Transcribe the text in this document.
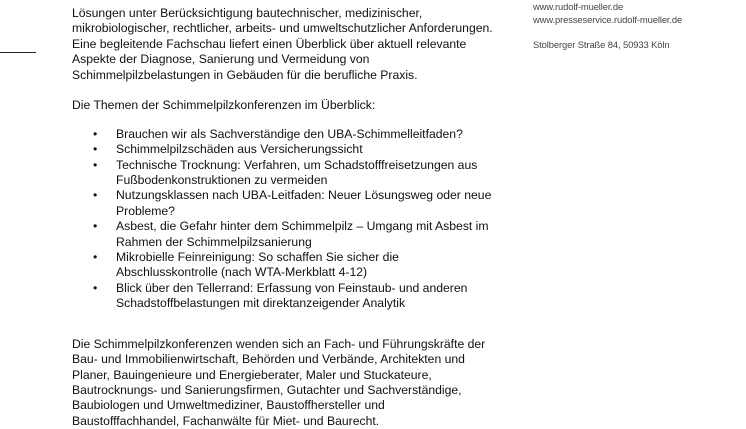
Lösungen unter Berücksichtigung bautechnischer, medizinischer,
mikrobiologischer, rechtlicher, arbeits- und umweltschutzlicher Anforderungen.
Eine begleitende Fachschau liefert einen Überblick über aktuell relevante
Aspekte der Diagnose, Sanierung und Vermeidung von
Schimmelpilzbelastungen in Gebäuden für die berufliche Praxis.

Die Themen der Schimmelpilzkonferenzen im Überblick:

• Brauchen wir als Sachverständige den UBA-Schimmelleitfaden?
• Schimmelpilzschäden aus Versicherungssicht
• Technische Trocknung: Verfahren, um Schadstofffreisetzungen aus
Fußbodenkonstruktionen zu vermeiden
• Nutzungsklassen nach UBA-Leitfaden: Neuer Lösungsweg oder neue
Probleme?
• Asbest, die Gefahr hinter dem Schimmelpilz – Umgang mit Asbest im
Rahmen der Schimmelpilzsanierung
• Mikrobielle Feinreinigung: So schaffen Sie sicher die
Abschlusskontrolle (nach WTA-Merkblatt 4-12)
• Blick über den Tellerrand: Erfassung von Feinstaub- und anderen
Schadstoffbelastungen mit direktanzeigender Analytik

Die Schimmelpilzkonferenzen wenden sich an Fach- und Führungskräfte der
Bau- und Immobilienwirtschaft, Behörden und Verbände, Architekten und
Planer, Bauingenieure und Energieberater, Maler und Stuckateure,
Bautrocknungs- und Sanierungsfirmen, Gutachter und Sachverständige,
Baubiologen und Umweltmediziner, Baustoffhersteller und
Baustofffachhandel, Fachanwälte für Miet- und Baurecht.

www.rudolf-mueller.de
www.presseservice.rudolf-mueller.de
Stolberger Straße 84, 50933 Köln
